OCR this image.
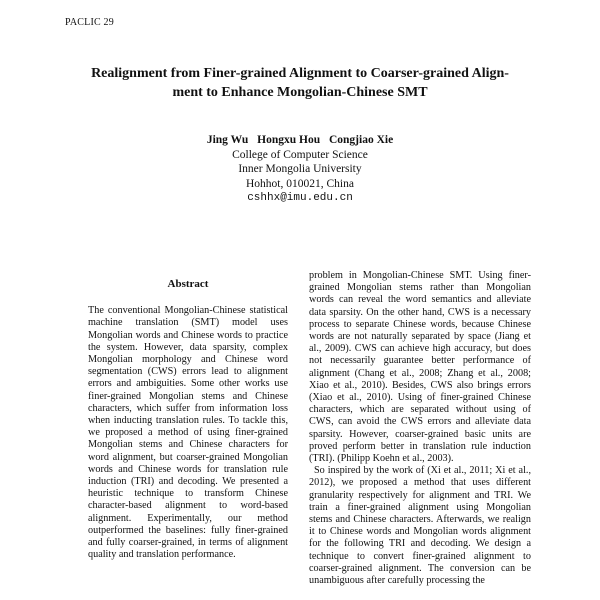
PACLIC 29
Realignment from Finer-grained Alignment to Coarser-grained Align-
ment to Enhance Mongolian-Chinese SMT
Jing Wu Hongxu Hou Congjiao Xie
College of Computer Science
Inner Mongolia University
Hohhot, 010021, China
cshhx@imu.edu.cn
Abstract

The conventional Mongolian-Chinese statistical machine translation (SMT) model uses Mongolian words and Chinese words to practice the system. However, data sparsity, complex Mongolian morphology and Chinese word segmentation (CWS) errors lead to alignment errors and ambiguities. Some other works use finer-grained Mongolian stems and Chinese characters, which suffer from information loss when inducting translation rules. To tackle this, we proposed a method of using finer-grained Mongolian stems and Chinese characters for word alignment, but coarser-grained Mongolian words and Chinese words for translation rule induction (TRI) and decoding. We presented a heuristic technique to transform Chinese character-based alignment to word-based alignment. Experimentally, our method outperformed the baselines: fully finer-grained and fully coarser-grained, in terms of alignment quality and translation performance.

problem in Mongolian-Chinese SMT. Using finer-grained Mongolian stems rather than Mongolian words can reveal the word semantics and alleviate data sparsity. On the other hand, CWS is a necessary process to separate Chinese words, because Chinese words are not naturally separated by space (Jiang et al., 2009). CWS can achieve high accuracy, but does not necessarily guarantee better performance of alignment (Chang et al., 2008; Zhang et al., 2008; Xiao et al., 2010). Besides, CWS also brings errors (Xiao et al., 2010). Using of finer-grained Chinese characters, which are separated without using of CWS, can avoid the CWS errors and alleviate data sparsity. However, coarser-grained basic units are proved perform better in translation rule induction (TRI). (Philipp Koehn et al., 2003).

So inspired by the work of (Xi et al., 2011; Xi et al., 2012), we proposed a method that uses different granularity respectively for alignment and TRI. We train a finer-grained alignment using Mongolian stems and Chinese characters. Afterwards, we realign it to Chinese words and Mongolian words alignment for the following TRI and decoding. We design a technique to convert finer-grained alignment to coarser-grained alignment. The conversion can be unambiguous after carefully processing the
